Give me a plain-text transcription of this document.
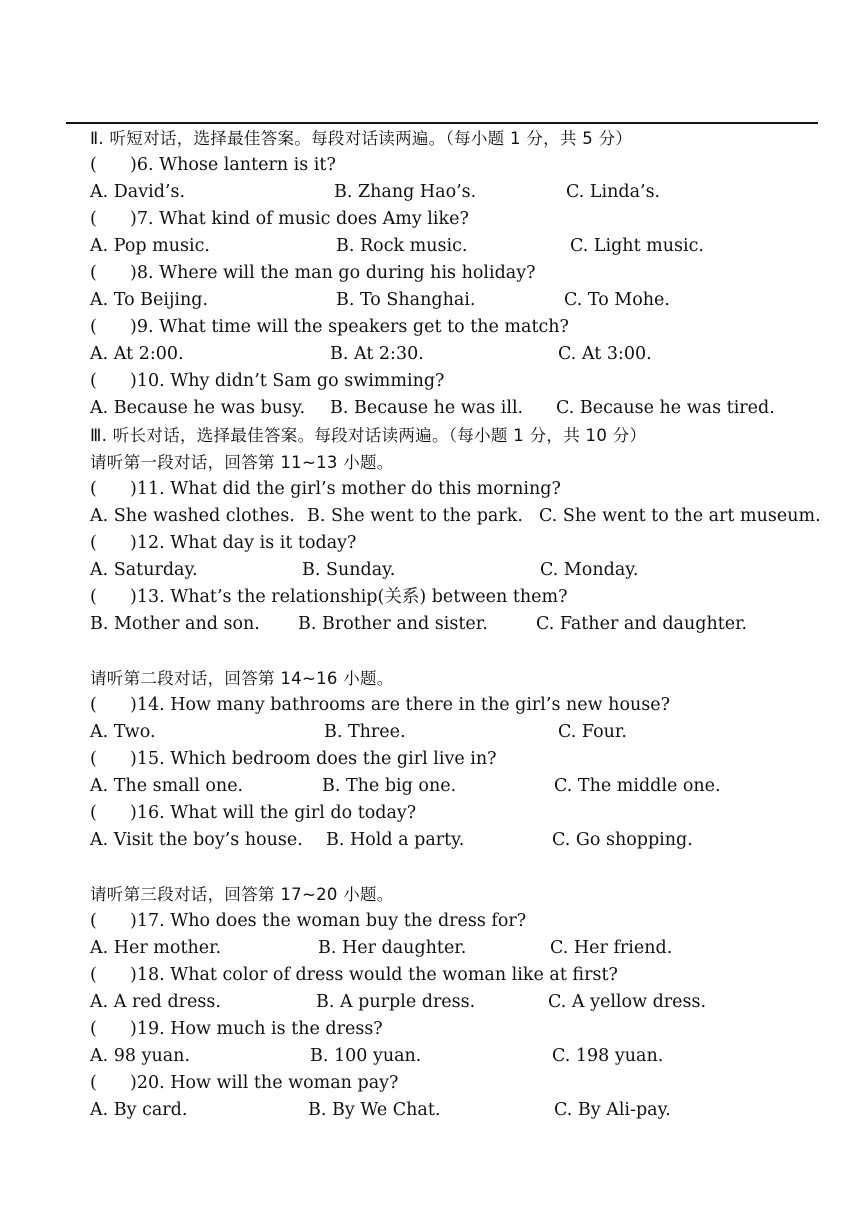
Ⅱ. 听短对话，选择最佳答案。每段对话读两遍。（每小题 1 分，共 5 分）
( )6. Whose lantern is it?
A. David’s.	B. Zhang Hao’s.	C. Linda’s.
( )7. What kind of music does Amy like?
A. Pop music.	B. Rock music.	C. Light music.
( )8. Where will the man go during his holiday?
A. To Beijing.	B. To Shanghai.	C. To Mohe.
( )9. What time will the speakers get to the match?
A. At 2:00.	B. At 2:30.	C. At 3:00.
( )10. Why didn’t Sam go swimming?
A. Because he was busy. B. Because he was ill. C. Because he was tired.
Ⅲ. 听长对话，选择最佳答案。每段对话读两遍。（每小题 1 分，共 10 分）
请听第一段对话，回答第 11~13 小题。
( )11. What did the girl’s mother do this morning?
A. She washed clothes. B. She went to the park. C. She went to the art museum.
( )12. What day is it today?
A. Saturday.	B. Sunday.	C. Monday.
( )13. What’s the relationship(关系) between them?
B. Mother and son. B. Brother and sister.	C. Father and daughter.
请听第二段对话，回答第 14~16 小题。
( )14. How many bathrooms are there in the girl’s new house?
A. Two.	B. Three.	C. Four.
( )15. Which bedroom does the girl live in?
A. The small one.	B. The big one.	C. The middle one.
( )16. What will the girl do today?
A. Visit the boy’s house. B. Hold a party.	C. Go shopping.
请听第三段对话，回答第 17~20 小题。
( )17. Who does the woman buy the dress for?
A. Her mother.	B. Her daughter.	C. Her friend.
( )18. What color of dress would the woman like at first?
A. A red dress.	B. A purple dress.	C. A yellow dress.
( )19. How much is the dress?
A. 98 yuan.	B. 100 yuan.	C. 198 yuan.
( )20. How will the woman pay?
A. By card.	B. By We Chat.	C. By Ali-pay.
